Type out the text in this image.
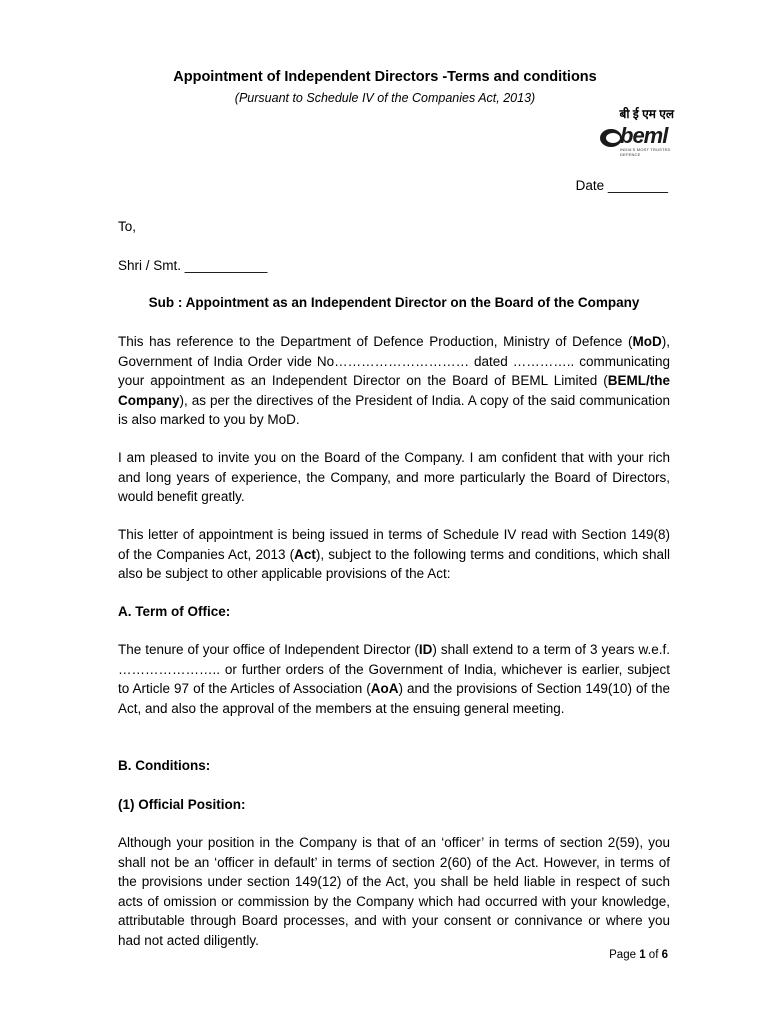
Appointment of Independent Directors -Terms and conditions
(Pursuant to Schedule IV of the Companies Act, 2013)
बी ई एम एल
beml
INDIA'S MOST TRUSTED DEFENCE
Date ________
To,
Shri / Smt. ___________
Sub : Appointment as an Independent Director on the Board of the Company
This has reference to the Department of Defence Production, Ministry of Defence (MoD), Government of India Order vide No………………………… dated ………….. communicating your appointment as an Independent Director on the Board of BEML Limited (BEML/the Company), as per the directives of the President of India. A copy of the said communication is also marked to you by MoD.
I am pleased to invite you on the Board of the Company. I am confident that with your rich and long years of experience, the Company, and more particularly the Board of Directors, would benefit greatly.
This letter of appointment is being issued in terms of Schedule IV read with Section 149(8) of the Companies Act, 2013 (Act), subject to the following terms and conditions, which shall also be subject to other applicable provisions of the Act:
A. Term of Office:
The tenure of your office of Independent Director (ID) shall extend to a term of 3 years w.e.f. ………………….. or further orders of the Government of India, whichever is earlier, subject to Article 97 of the Articles of Association (AoA) and the provisions of Section 149(10) of the Act, and also the approval of the members at the ensuing general meeting.
B. Conditions:
(1) Official Position:
Although your position in the Company is that of an ‘officer’ in terms of section 2(59), you shall not be an ‘officer in default’ in terms of section 2(60) of the Act. However, in terms of the provisions under section 149(12) of the Act, you shall be held liable in respect of such acts of omission or commission by the Company which had occurred with your knowledge, attributable through Board processes, and with your consent or connivance or where you had not acted diligently.
Page 1 of 6
